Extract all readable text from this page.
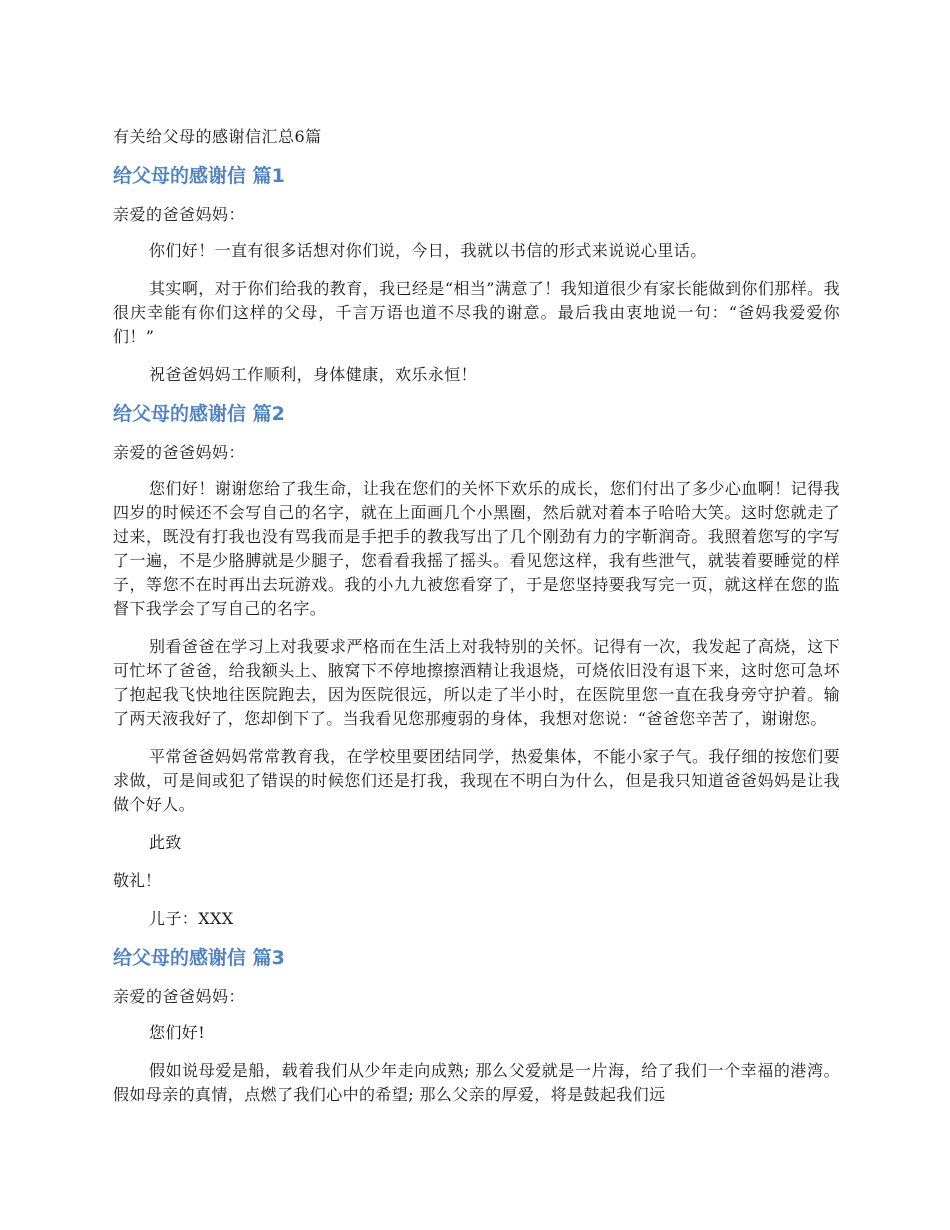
有关给父母的感谢信汇总6篇

给父母的感谢信 篇1

亲爱的爸爸妈妈：

你们好！一直有很多话想对你们说，今日，我就以书信的形式来说说心里话。

其实啊，对于你们给我的教育，我已经是“相当”满意了！我知道很少有家长能做到你们那样。我很庆幸能有你们这样的父母，千言万语也道不尽我的谢意。最后我由衷地说一句：“爸妈我爱爱你们！”

祝爸爸妈妈工作顺利，身体健康，欢乐永恒！

给父母的感谢信 篇2

亲爱的爸爸妈妈：

您们好！谢谢您给了我生命，让我在您们的关怀下欢乐的成长，您们付出了多少心血啊！记得我四岁的时候还不会写自己的名字，就在上面画几个小黑圈，然后就对着本子哈哈大笑。这时您就走了过来，既没有打我也没有骂我而是手把手的教我写出了几个刚劲有力的字靳润奇。我照着您写的字写了一遍，不是少胳膊就是少腿子，您看看我摇了摇头。看见您这样，我有些泄气，就装着要睡觉的样子，等您不在时再出去玩游戏。我的小九九被您看穿了，于是您坚持要我写完一页，就这样在您的监督下我学会了写自己的名字。

别看爸爸在学习上对我要求严格而在生活上对我特别的关怀。记得有一次，我发起了高烧，这下可忙坏了爸爸，给我额头上、腋窝下不停地擦擦酒精让我退烧，可烧依旧没有退下来，这时您可急坏了抱起我飞快地往医院跑去，因为医院很远，所以走了半小时，在医院里您一直在我身旁守护着。输了两天液我好了，您却倒下了。当我看见您那瘦弱的身体，我想对您说：“爸爸您辛苦了，谢谢您。

平常爸爸妈妈常常教育我，在学校里要团结同学，热爱集体，不能小家子气。我仔细的按您们要求做，可是间或犯了错误的时候您们还是打我，我现在不明白为什么，但是我只知道爸爸妈妈是让我做个好人。

此致

敬礼！

儿子：XXX

给父母的感谢信 篇3

亲爱的爸爸妈妈：

您们好!

假如说母爱是船，载着我们从少年走向成熟; 那么父爱就是一片海，给了我们一个幸福的港湾。 假如母亲的真情，点燃了我们心中的希望; 那么父亲的厚爱，将是鼓起我们远
